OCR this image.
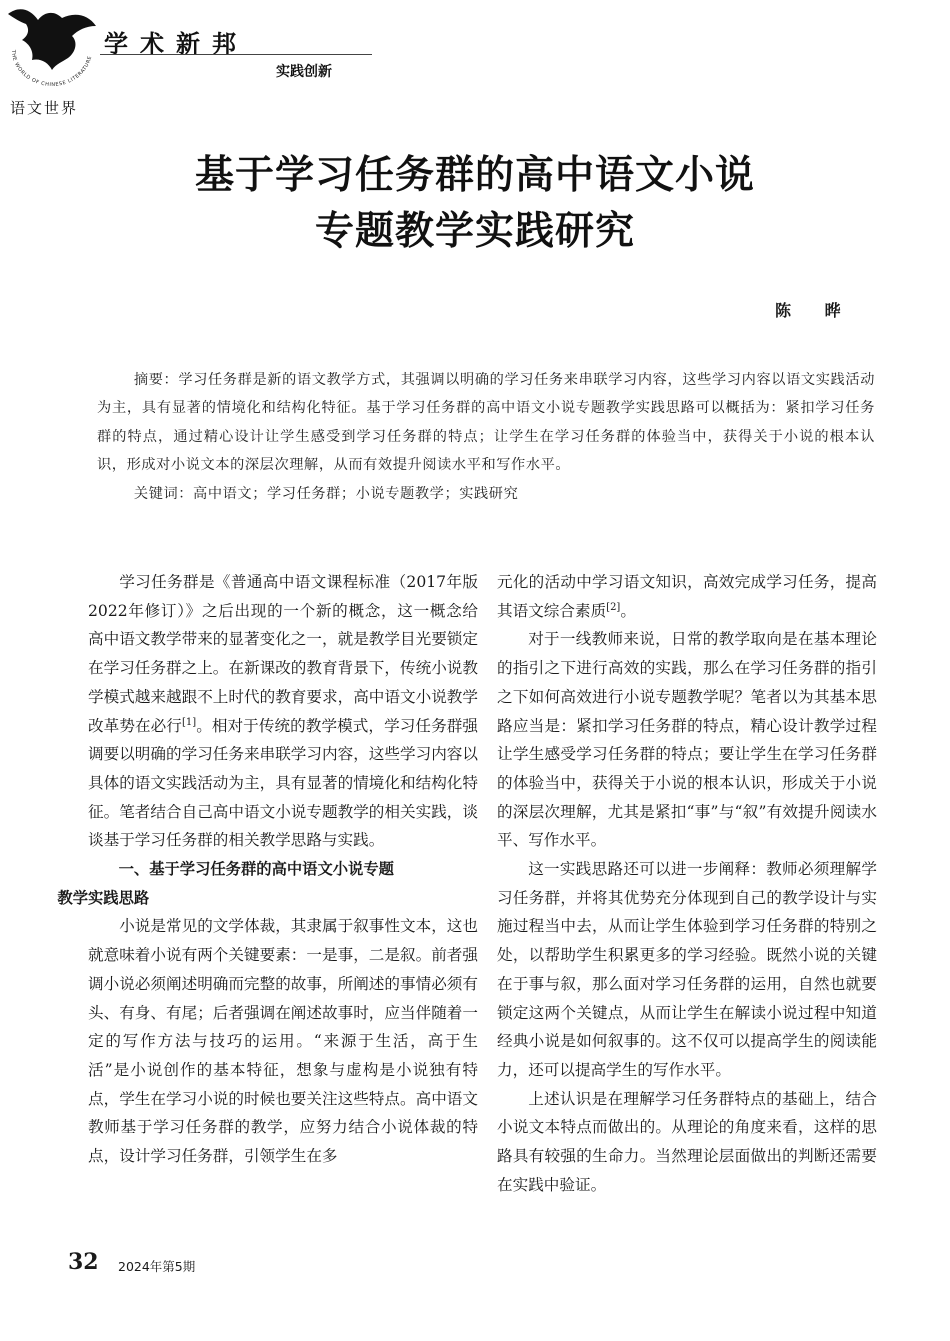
THE WORLD OF CHINESE LITERATURE
语文世界
学术新邦
实践创新
基于学习任务群的高中语文小说
专题教学实践研究
陈 晔

摘要：学习任务群是新的语文教学方式，其强调以明确的学习任务来串联学习内容，这些学习内容以语文实践活动为主，具有显著的情境化和结构化特征。基于学习任务群的高中语文小说专题教学实践思路可以概括为：紧扣学习任务群的特点，通过精心设计让学生感受到学习任务群的特点；让学生在学习任务群的体验当中，获得关于小说的根本认识，形成对小说文本的深层次理解，从而有效提升阅读水平和写作水平。

关键词：高中语文；学习任务群；小说专题教学；实践研究

学习任务群是《普通高中语文课程标准（2017年版2022年修订）》之后出现的一个新的概念，这一概念给高中语文教学带来的显著变化之一，就是教学目光要锁定在学习任务群之上。在新课改的教育背景下，传统小说教学模式越来越跟不上时代的教育要求，高中语文小说教学改革势在必行[1]。相对于传统的教学模式，学习任务群强调要以明确的学习任务来串联学习内容，这些学习内容以具体的语文实践活动为主，具有显著的情境化和结构化特征。笔者结合自己高中语文小说专题教学的相关实践，谈谈基于学习任务群的相关教学思路与实践。

一、基于学习任务群的高中语文小说专题
教学实践思路

小说是常见的文学体裁，其隶属于叙事性文本，这也就意味着小说有两个关键要素：一是事，二是叙。前者强调小说必须阐述明确而完整的故事，所阐述的事情必须有头、有身、有尾；后者强调在阐述故事时，应当伴随着一定的写作方法与技巧的运用。“来源于生活，高于生活”是小说创作的基本特征，想象与虚构是小说独有特点，学生在学习小说的时候也要关注这些特点。高中语文教师基于学习任务群的教学，应努力结合小说体裁的特点，设计学习任务群，引领学生在多

元化的活动中学习语文知识，高效完成学习任务，提高其语文综合素质[2]。

对于一线教师来说，日常的教学取向是在基本理论的指引之下进行高效的实践，那么在学习任务群的指引之下如何高效进行小说专题教学呢？笔者以为其基本思路应当是：紧扣学习任务群的特点，精心设计教学过程让学生感受学习任务群的特点；要让学生在学习任务群的体验当中，获得关于小说的根本认识，形成关于小说的深层次理解，尤其是紧扣“事”与“叙”有效提升阅读水平、写作水平。

这一实践思路还可以进一步阐释：教师必须理解学习任务群，并将其优势充分体现到自己的教学设计与实施过程当中去，从而让学生体验到学习任务群的特别之处，以帮助学生积累更多的学习经验。既然小说的关键在于事与叙，那么面对学习任务群的运用，自然也就要锁定这两个关键点，从而让学生在解读小说过程中知道经典小说是如何叙事的。这不仅可以提高学生的阅读能力，还可以提高学生的写作水平。

上述认识是在理解学习任务群特点的基础上，结合小说文本特点而做出的。从理论的角度来看，这样的思路具有较强的生命力。当然理论层面做出的判断还需要在实践中验证。

32 2024年第5期
